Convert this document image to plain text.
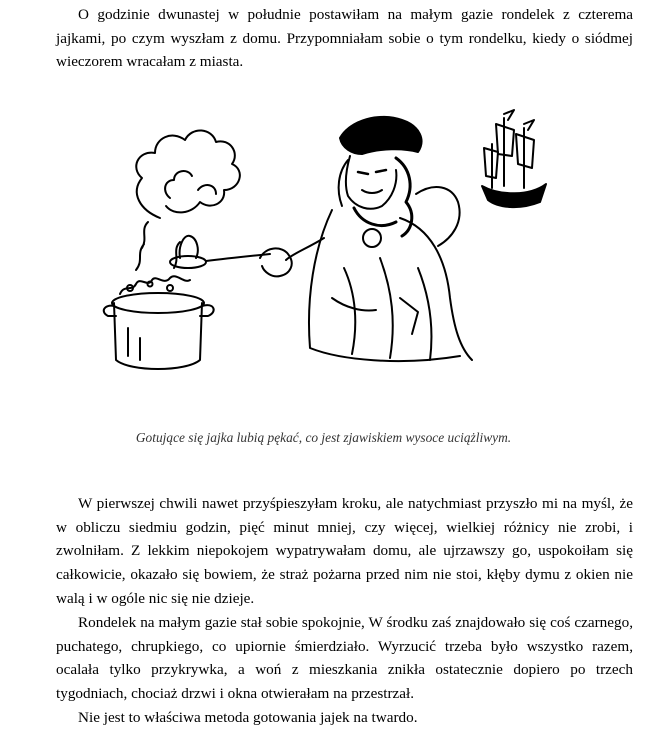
O godzinie dwunastej w południe postawiłam na małym gazie rondelek z czterema jajkami, po czym wyszłam z domu. Przypomniałam sobie o tym rondelku, kiedy o siódmej wieczorem wracałam z miasta.

Gotujące się jajka lubią pękać, co jest zjawiskiem wysoce uciążliwym.

W pierwszej chwili nawet przyśpieszyłam kroku, ale natychmiast przyszło mi na myśl, że w obliczu siedmiu godzin, pięć minut mniej, czy więcej, wielkiej różnicy nie zrobi, i zwolniłam. Z lekkim niepokojem wypatrywałam domu, ale ujrzawszy go, uspokoiłam się całkowicie, okazało się bowiem, że straż pożarna przed nim nie stoi, kłęby dymu z okien nie walą i w ogóle nic się nie dzieje.

Rondelek na małym gazie stał sobie spokojnie, W środku zaś znajdowało się coś czarnego, puchatego, chrupkiego, co upiornie śmierdziało. Wyrzucić trzeba było wszystko razem, ocalała tylko przykrywka, a woń z mieszkania znikła ostatecznie dopiero po trzech tygodniach, chociaż drzwi i okna otwierałam na przestrzał.

Nie jest to właściwa metoda gotowania jajek na twardo.
